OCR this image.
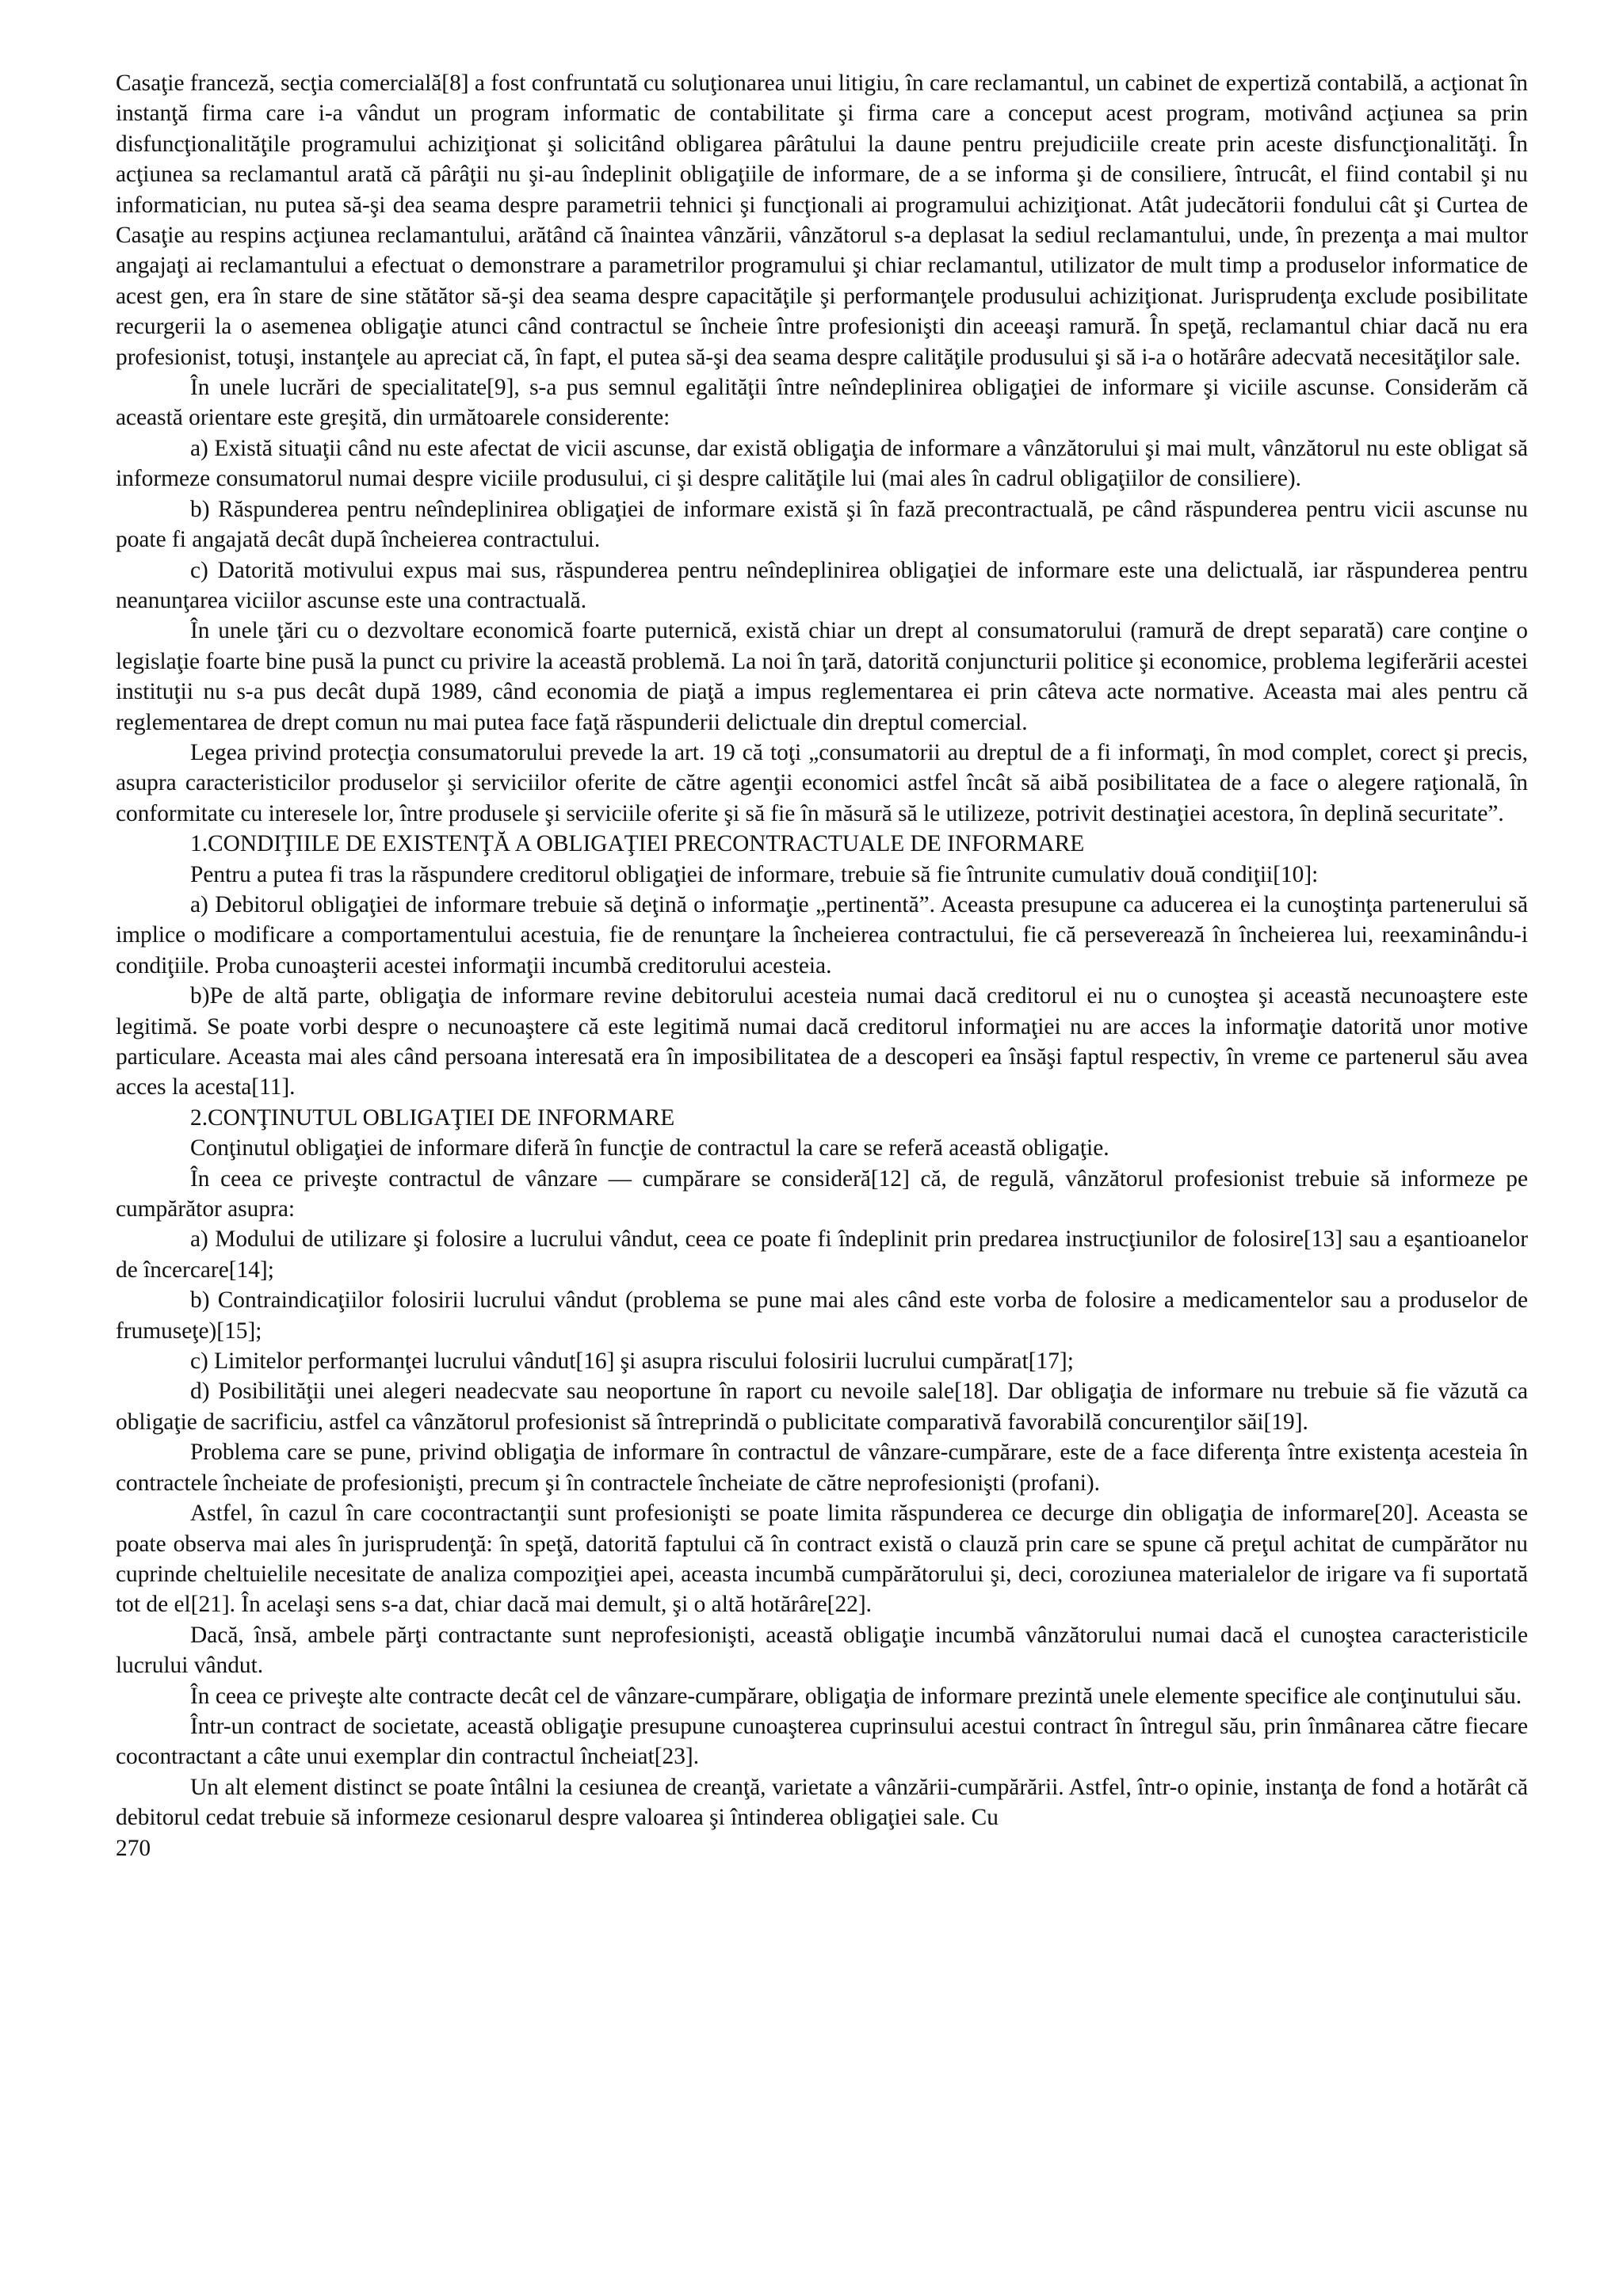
Casaţie franceză, secţia comercială[8] a fost confruntată cu soluţionarea unui litigiu, în care reclamantul, un cabinet de expertiză contabilă, a acţionat în instanţă firma care i-a vândut un program informatic de contabilitate şi firma care a conceput acest program, motivând acţiunea sa prin disfuncţionalităţile programului achiziţionat şi solicitând obligarea pârâtului la daune pentru prejudiciile create prin aceste disfuncţionalităţi. În acţiunea sa reclamantul arată că pârâţii nu şi-au îndeplinit obligaţiile de informare, de a se informa şi de consiliere, întrucât, el fiind contabil şi nu informatician, nu putea să-şi dea seama despre parametrii tehnici şi funcţionali ai programului achiziţionat. Atât judecătorii fondului cât şi Curtea de Casaţie au respins acţiunea reclamantului, arătând că înaintea vânzării, vânzătorul s-a deplasat la sediul reclamantului, unde, în prezenţa a mai multor angajaţi ai reclamantului a efectuat o demonstrare a parametrilor programului şi chiar reclamantul, utilizator de mult timp a produselor informatice de acest gen, era în stare de sine stătător să-şi dea seama despre capacităţile şi performanţele produsului achiziţionat. Jurisprudenţa exclude posibilitate recurgerii la o asemenea obligaţie atunci când contractul se încheie între profesionişti din aceeaşi ramură. În speţă, reclamantul chiar dacă nu era profesionist, totuşi, instanţele au apreciat că, în fapt, el putea să-şi dea seama despre calităţile produsului şi să i-a o hotărâre adecvată necesităţilor sale.

În unele lucrări de specialitate[9], s-a pus semnul egalităţii între neîndeplinirea obligaţiei de informare şi viciile ascunse. Considerăm că această orientare este greşită, din următoarele considerente:

a) Există situaţii când nu este afectat de vicii ascunse, dar există obligaţia de informare a vânzătorului şi mai mult, vânzătorul nu este obligat să informeze consumatorul numai despre viciile produsului, ci şi despre calităţile lui (mai ales în cadrul obligaţiilor de consiliere).

b) Răspunderea pentru neîndeplinirea obligaţiei de informare există şi în fază precontractuală, pe când răspunderea pentru vicii ascunse nu poate fi angajată decât după încheierea contractului.

c) Datorită motivului expus mai sus, răspunderea pentru neîndeplinirea obligaţiei de informare este una delictuală, iar răspunderea pentru neanunţarea viciilor ascunse este una contractuală.

În unele ţări cu o dezvoltare economică foarte puternică, există chiar un drept al consumatorului (ramură de drept separată) care conţine o legislaţie foarte bine pusă la punct cu privire la această problemă. La noi în ţară, datorită conjuncturii politice şi economice, problema legiferării acestei instituţii nu s-a pus decât după 1989, când economia de piaţă a impus reglementarea ei prin câteva acte normative. Aceasta mai ales pentru că reglementarea de drept comun nu mai putea face faţă răspunderii delictuale din dreptul comercial.

Legea privind protecţia consumatorului prevede la art. 19 că toţi „consumatorii au dreptul de a fi informaţi, în mod complet, corect şi precis, asupra caracteristicilor produselor şi serviciilor oferite de către agenţii economici astfel încât să aibă posibilitatea de a face o alegere raţională, în conformitate cu interesele lor, între produsele şi serviciile oferite şi să fie în măsură să le utilizeze, potrivit destinaţiei acestora, în deplină securitate”.

1.CONDIŢIILE DE EXISTENŢĂ A OBLIGAŢIEI PRECONTRACTUALE DE INFORMARE

Pentru a putea fi tras la răspundere creditorul obligaţiei de informare, trebuie să fie întrunite cumulativ două condiţii[10]:

a) Debitorul obligaţiei de informare trebuie să deţină o informaţie „pertinentă”. Aceasta presupune ca aducerea ei la cunoştinţa partenerului să implice o modificare a comportamentului acestuia, fie de renunţare la încheierea contractului, fie că perseverează în încheierea lui, reexaminându-i condiţiile. Proba cunoaşterii acestei informaţii incumbă creditorului acesteia.

b)Pe de altă parte, obligaţia de informare revine debitorului acesteia numai dacă creditorul ei nu o cunoştea şi această necunoaştere este legitimă. Se poate vorbi despre o necunoaştere că este legitimă numai dacă creditorul informaţiei nu are acces la informaţie datorită unor motive particulare. Aceasta mai ales când persoana interesată era în imposibilitatea de a descoperi ea însăşi faptul respectiv, în vreme ce partenerul său avea acces la acesta[11].

2.CONŢINUTUL OBLIGAŢIEI DE INFORMARE

Conţinutul obligaţiei de informare diferă în funcţie de contractul la care se referă această obligaţie.

În ceea ce priveşte contractul de vânzare — cumpărare se consideră[12] că, de regulă, vânzătorul profesionist trebuie să informeze pe cumpărător asupra:

a) Modului de utilizare şi folosire a lucrului vândut, ceea ce poate fi îndeplinit prin predarea instrucţiunilor de folosire[13] sau a eşantioanelor de încercare[14];

b) Contraindicaţiilor folosirii lucrului vândut (problema se pune mai ales când este vorba de folosire a medicamentelor sau a produselor de frumuseţe)[15];

c) Limitelor performanţei lucrului vândut[16] şi asupra riscului folosirii lucrului cumpărat[17];

d) Posibilităţii unei alegeri neadecvate sau neoportune în raport cu nevoile sale[18]. Dar obligaţia de informare nu trebuie să fie văzută ca obligaţie de sacrificiu, astfel ca vânzătorul profesionist să întreprindă o publicitate comparativă favorabilă concurenţilor săi[19].

Problema care se pune, privind obligaţia de informare în contractul de vânzare-cumpărare, este de a face diferenţa între existenţa acesteia în contractele încheiate de profesionişti, precum şi în contractele încheiate de către neprofesionişti (profani).

Astfel, în cazul în care cocontractanţii sunt profesionişti se poate limita răspunderea ce decurge din obligaţia de informare[20]. Aceasta se poate observa mai ales în jurisprudenţă: în speţă, datorită faptului că în contract există o clauză prin care se spune că preţul achitat de cumpărător nu cuprinde cheltuielile necesitate de analiza compoziţiei apei, aceasta incumbă cumpărătorului şi, deci, coroziunea materialelor de irigare va fi suportată tot de el[21]. În acelaşi sens s-a dat, chiar dacă mai demult, şi o altă hotărâre[22].

Dacă, însă, ambele părţi contractante sunt neprofesionişti, această obligaţie incumbă vânzătorului numai dacă el cunoştea caracteristicile lucrului vândut.

În ceea ce priveşte alte contracte decât cel de vânzare-cumpărare, obligaţia de informare prezintă unele elemente specifice ale conţinutului său.

Într-un contract de societate, această obligaţie presupune cunoaşterea cuprinsului acestui contract în întregul său, prin înmânarea către fiecare cocontractant a câte unui exemplar din contractul încheiat[23].

Un alt element distinct se poate întâlni la cesiunea de creanţă, varietate a vânzării-cumpărării. Astfel, într-o opinie, instanţa de fond a hotărât că debitorul cedat trebuie să informeze cesionarul despre valoarea şi întinderea obligaţiei sale. Cu

270
